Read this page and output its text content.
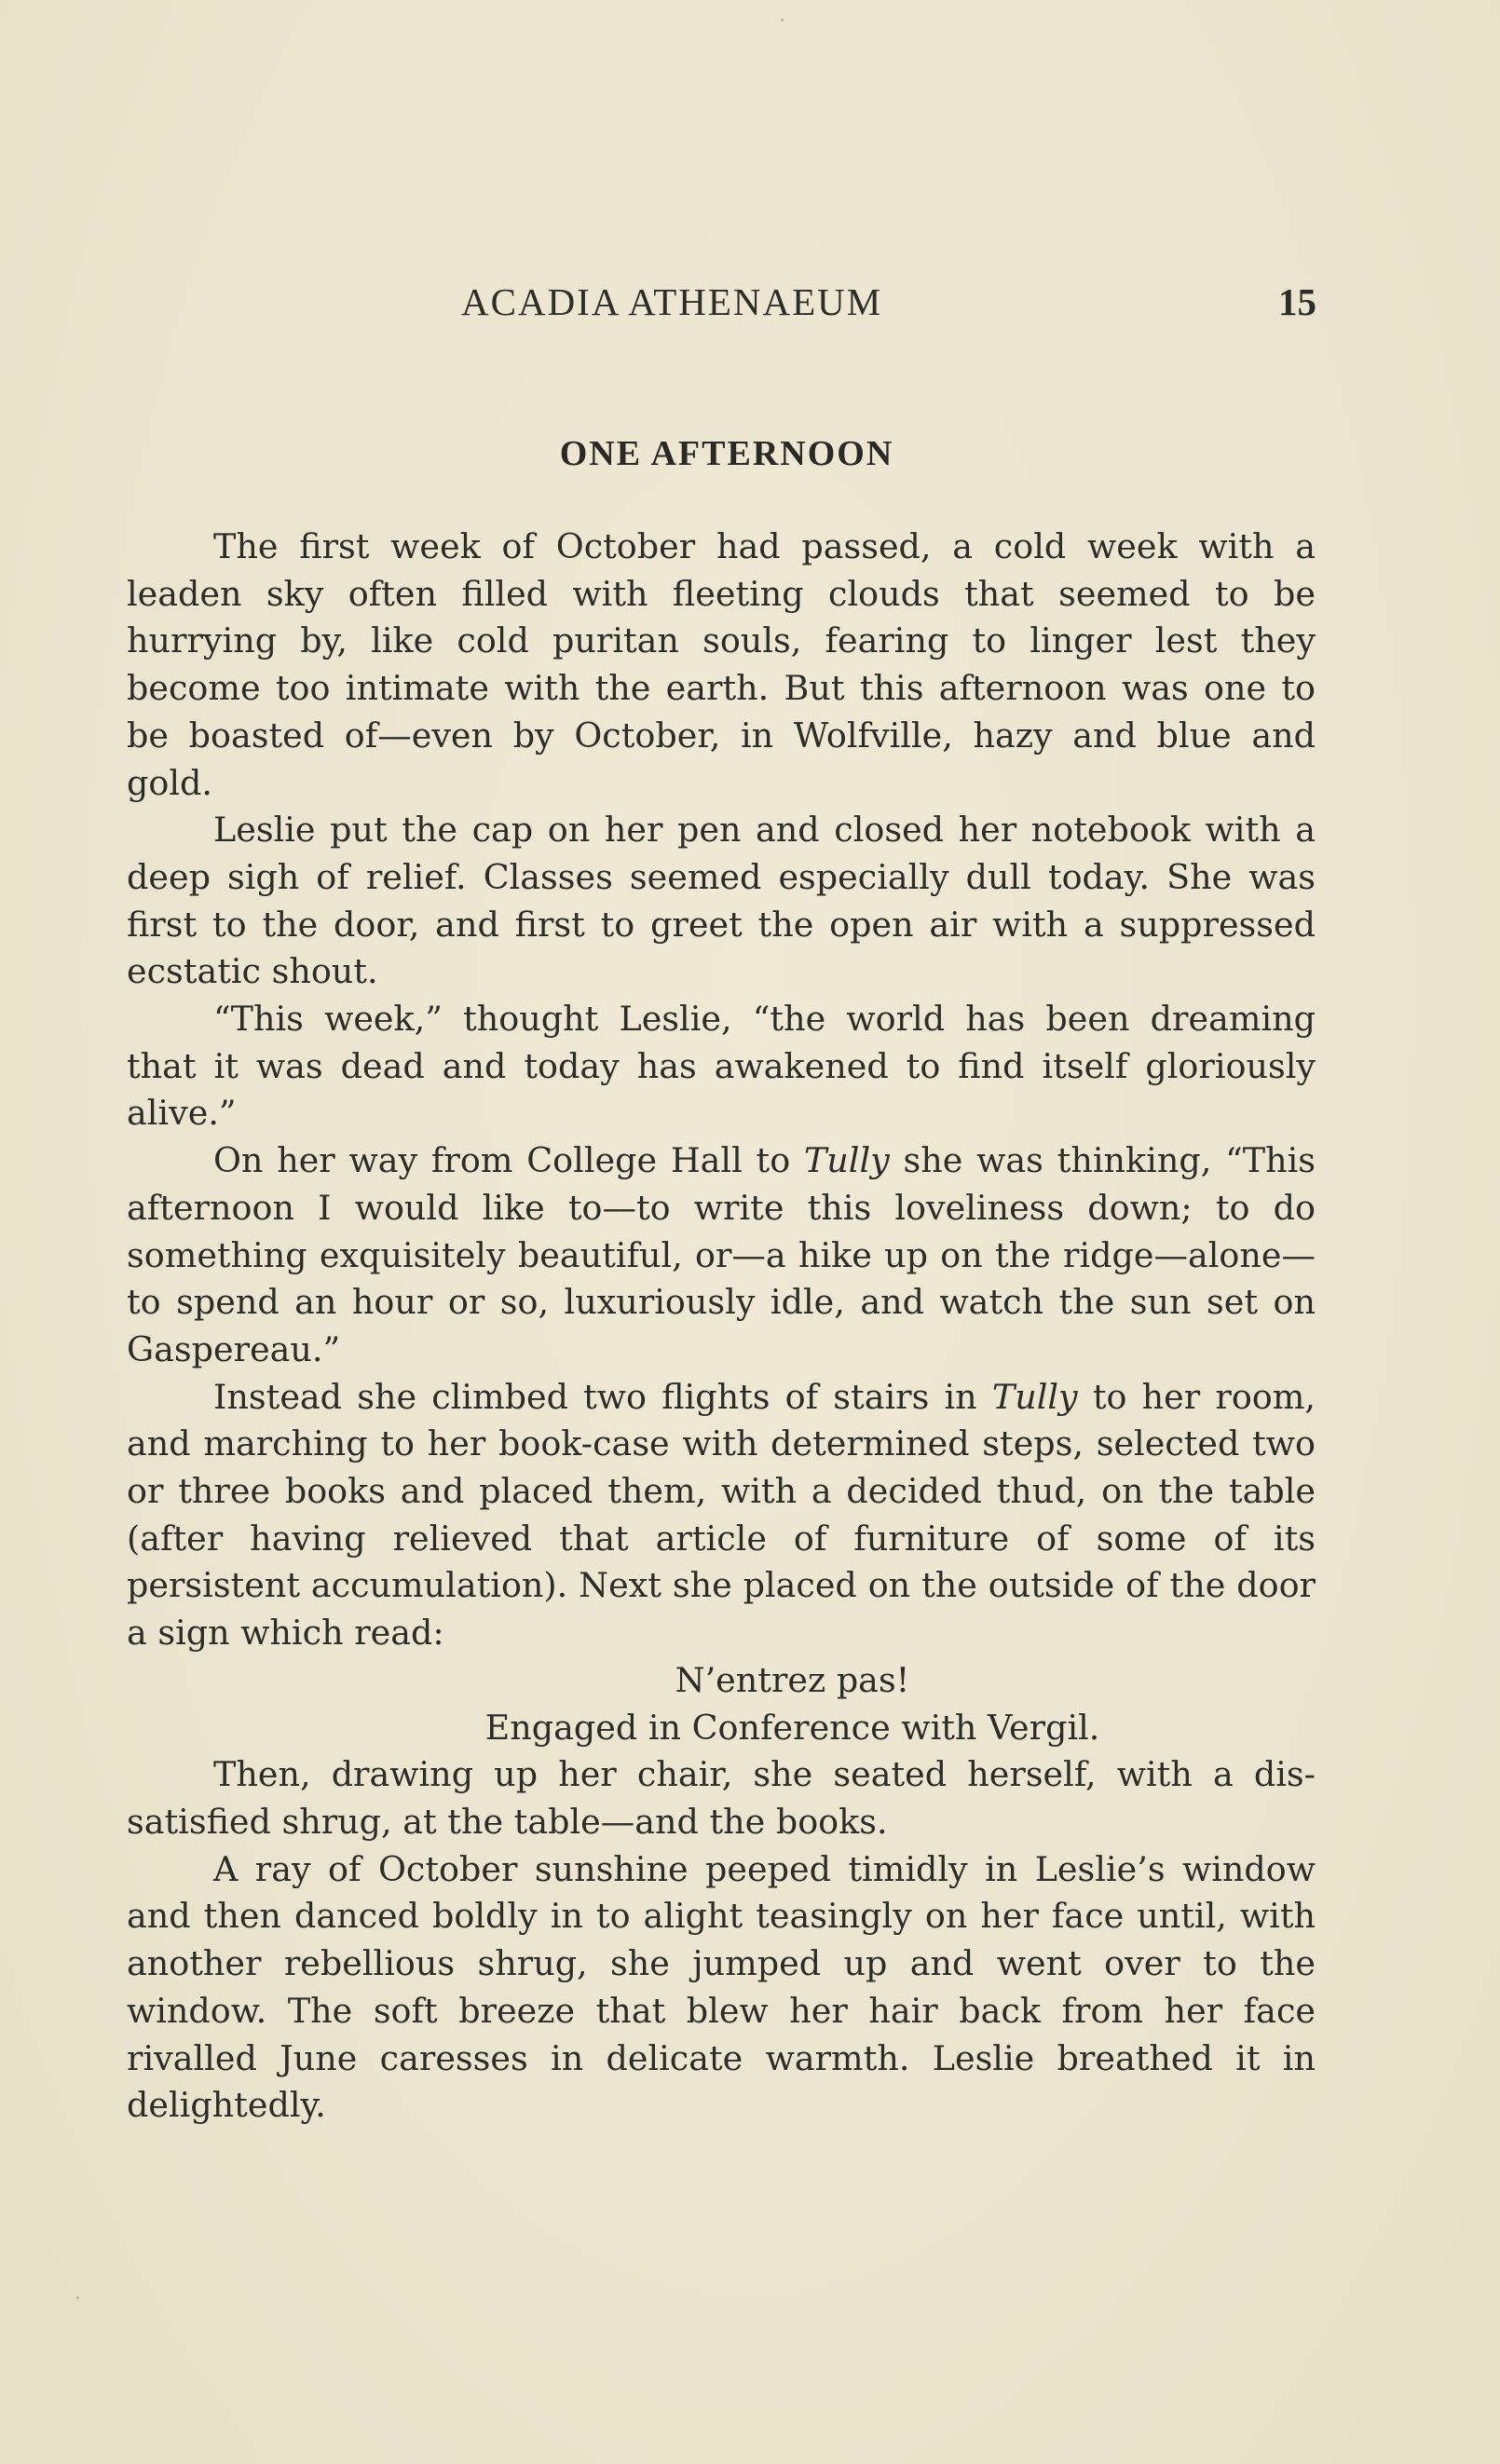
ACADIA ATHENAEUM	15
ONE AFTERNOON

The first week of October had passed, a cold week with a leaden sky often filled with fleeting clouds that seemed to be hurrying by, like cold puritan souls, fearing to linger lest they become too intimate with the earth. But this afternoon was one to be boasted of—even by October, in Wolfville, hazy and blue and gold.

Leslie put the cap on her pen and closed her notebook with a deep sigh of relief. Classes seemed especially dull today. She was first to the door, and first to greet the open air with a suppressed ecstatic shout.

“This week,” thought Leslie, “the world has been dreaming that it was dead and today has awakened to find itself gloriously alive.”

On her way from College Hall to Tully she was thinking, “This afternoon I would like to—to write this loveliness down; to do something exquisitely beautiful, or—a hike up on the ridge—alone—to spend an hour or so, luxuriously idle, and watch the sun set on Gaspereau.”

Instead she climbed two flights of stairs in Tully to her room, and marching to her book-case with determined steps, selected two or three books and placed them, with a decided thud, on the table (after having relieved that article of furniture of some of its persistent accumulation). Next she placed on the outside of the door a sign which read:

N’entrez pas!

Engaged in Conference with Vergil.

Then, drawing up her chair, she seated herself, with a dissatisfied shrug, at the table—and the books.

A ray of October sunshine peeped timidly in Leslie’s window and then danced boldly in to alight teasingly on her face until, with another rebellious shrug, she jumped up and went over to the window. The soft breeze that blew her hair back from her face rivalled June caresses in delicate warmth. Leslie breathed it in delightedly.
